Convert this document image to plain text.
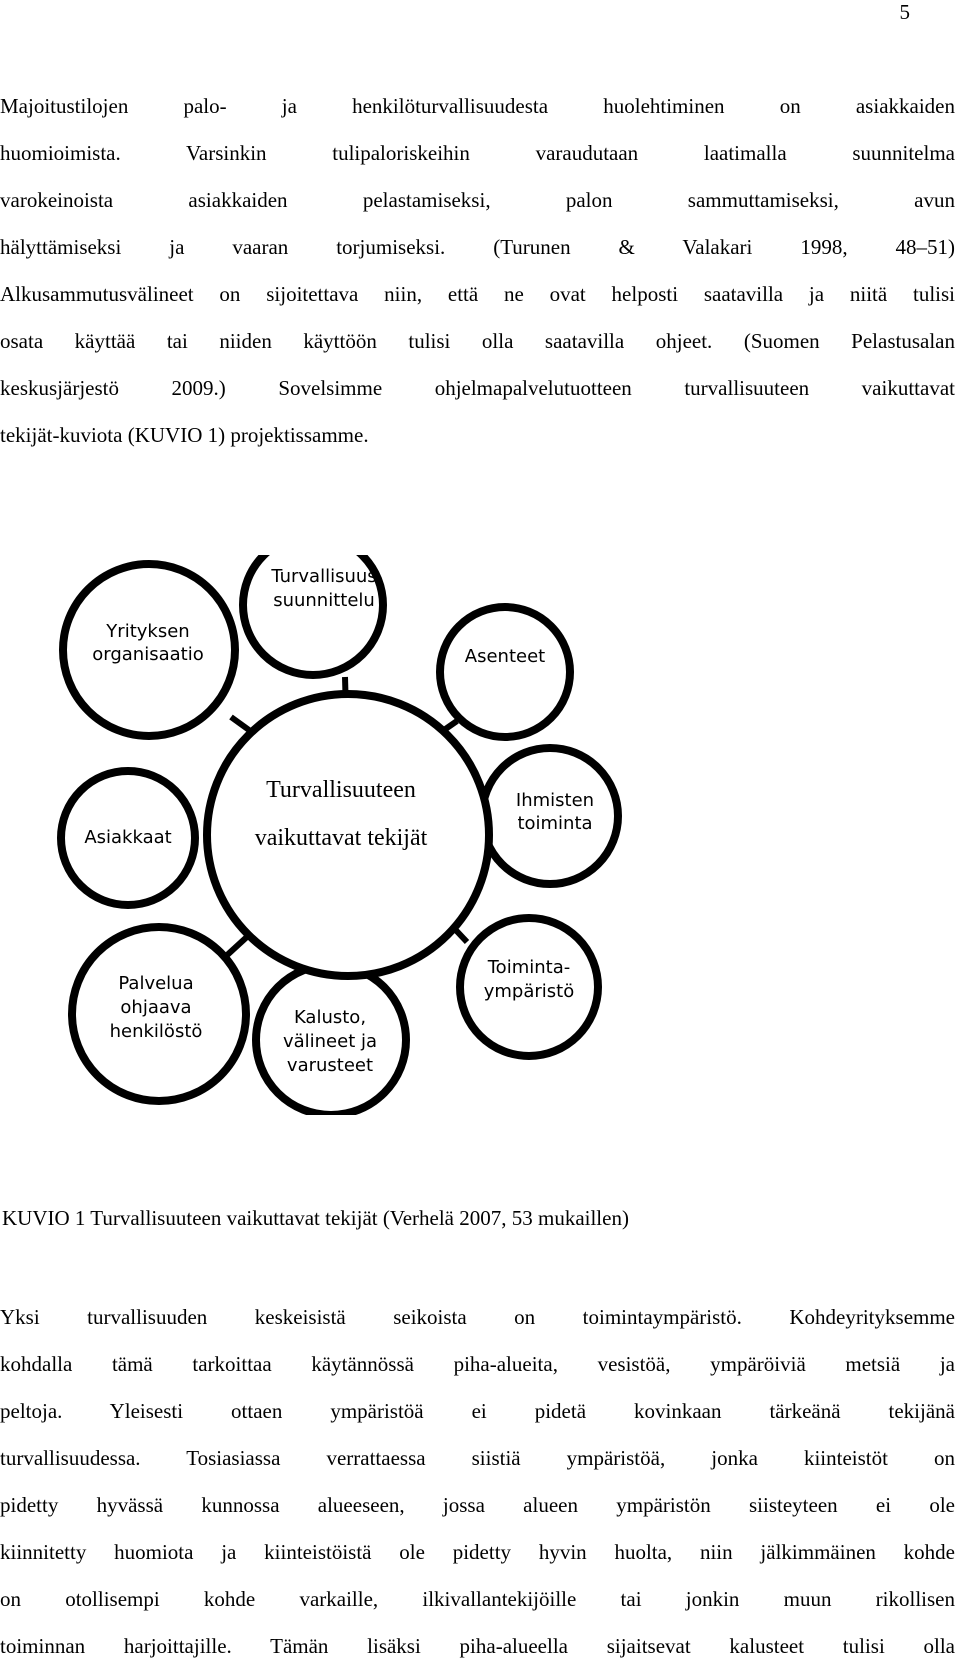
5
Majoitustilojen palo- ja henkilöturvallisuudesta huolehtiminen on asiakkaiden
huomioimista. Varsinkin tulipaloriskeihin varaudutaan laatimalla suunnitelma
varokeinoista asiakkaiden pelastamiseksi, palon sammuttamiseksi, avun
hälyttämiseksi ja vaaran torjumiseksi. (Turunen & Valakari 1998, 48–51)
Alkusammutusvälineet on sijoitettava niin, että ne ovat helposti saatavilla ja niitä tulisi
osata käyttää tai niiden käyttöön tulisi olla saatavilla ohjeet. (Suomen Pelastusalan
keskusjärjestö 2009.) Sovelsimme ohjelmapalvelutuotteen turvallisuuteen vaikuttavat
tekijät-kuviota (KUVIO 1) projektissamme.
Turvallisuus
suunnittelu
Yrityksen
organisaatio	Asenteet
Asiakkaat
Ihmisten
toiminta
Palvelua
ohjaava
henkilöstö
Kalusto,
välineet ja
varusteet
Toiminta-
ympäristö
Turvallisuuteen
vaikuttavat tekijät
KUVIO 1 Turvallisuuteen vaikuttavat tekijät (Verhelä 2007, 53 mukaillen)
Yksi turvallisuuden keskeisistä seikoista on toimintaympäristö. Kohdeyrityksemme
kohdalla tämä tarkoittaa käytännössä piha-alueita, vesistöä, ympäröiviä metsiä ja
peltoja. Yleisesti ottaen ympäristöä ei pidetä kovinkaan tärkeänä tekijänä
turvallisuudessa. Tosiasiassa verrattaessa siistiä ympäristöä, jonka kiinteistöt on
pidetty hyvässä kunnossa alueeseen, jossa alueen ympäristön siisteyteen ei ole
kiinnitetty huomiota ja kiinteistöistä ole pidetty hyvin huolta, niin jälkimmäinen kohde
on otollisempi kohde varkaille, ilkivallantekijöille tai jonkin muun rikollisen
toiminnan harjoittajille. Tämän lisäksi piha-alueella sijaitsevat kalusteet tulisi olla
